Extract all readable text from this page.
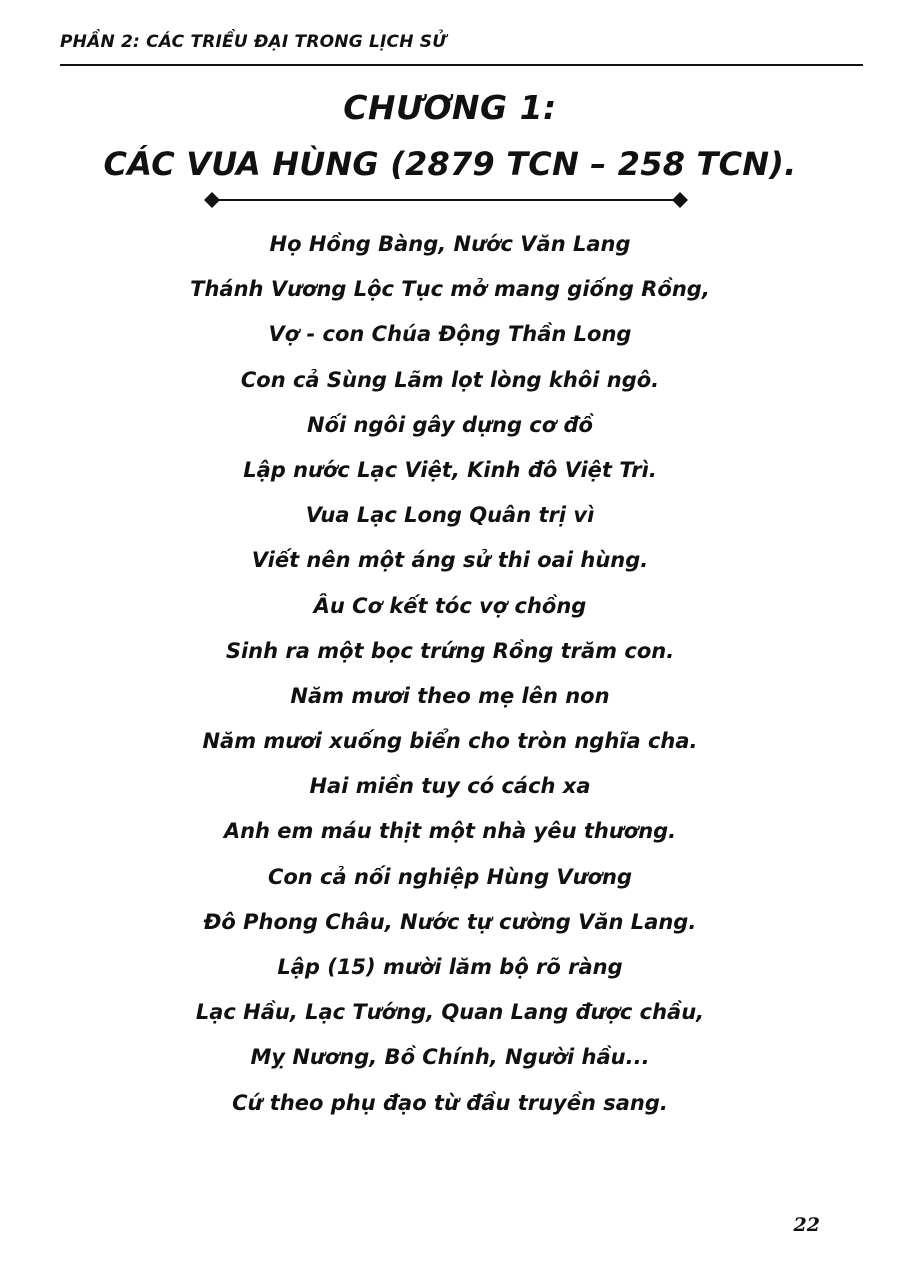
PHẦN 2: CÁC TRIỀU ĐẠI TRONG LỊCH SỬ
CHƯƠNG 1:
CÁC VUA HÙNG (2879 TCN – 258 TCN).
Họ Hồng Bàng, Nước Văn Lang
Thánh Vương Lộc Tục mở mang giống Rồng,
Vợ - con Chúa Động Thần Long
Con cả Sùng Lãm lọt lòng khôi ngô.
Nối ngôi gây dựng cơ đồ
Lập nước Lạc Việt, Kinh đô Việt Trì.
Vua Lạc Long Quân trị vì
Viết nên một áng sử thi oai hùng.
Âu Cơ kết tóc vợ chồng
Sinh ra một bọc trứng Rồng trăm con.
Năm mươi theo mẹ lên non
Năm mươi xuống biển cho tròn nghĩa cha.
Hai miền tuy có cách xa
Anh em máu thịt một nhà yêu thương.
Con cả nối nghiệp Hùng Vương
Đô Phong Châu, Nước tự cường Văn Lang.
Lập (15) mười lăm bộ rõ ràng
Lạc Hầu, Lạc Tướng, Quan Lang được chầu,
Mỵ Nương, Bồ Chính, Người hầu...
Cứ theo phụ đạo từ đầu truyền sang.
22
